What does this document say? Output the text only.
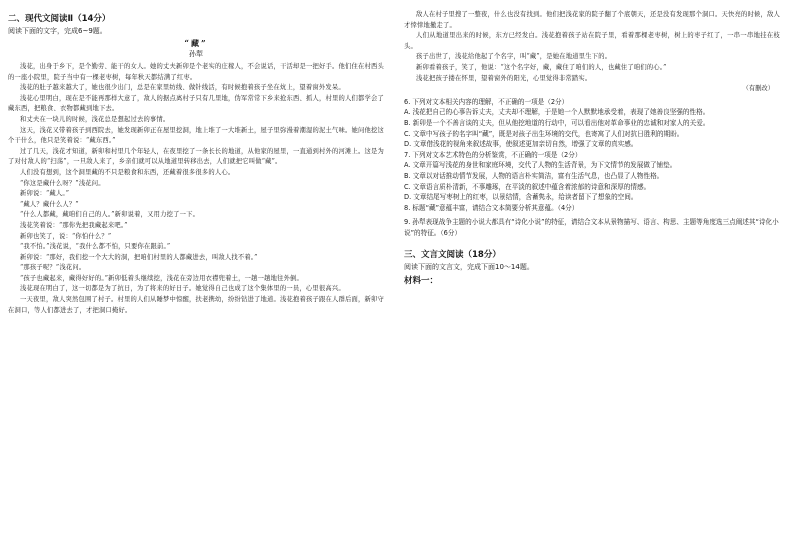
二、现代文阅读Ⅱ（14分）
阅读下面的文字，完成6~9题。
“藏”
孙犁

浅花，出身于乡下，是个勤劳、能干的女人。她的丈夫新卯是个老实的庄稼人，不会说话，干活却是一把好手。他们住在村西头的一座小院里，院子当中有一棵老枣树，每年秋天都结满了红枣。

浅花的肚子越来越大了，她也很少出门，总是在家里纺线、做针线活，有时候抱着孩子坐在炕上，望着窗外发呆。

浅花心里明白，现在是不能再那样大意了，敌人的据点离村子只有几里地，伪军常常下乡来抢东西、抓人，村里的人们都学会了藏东西，把粮食、衣物都藏到地下去。

和丈夫在一块儿的时候，浅花总是想起过去的事情。

这天，浅花又带着孩子到西院去，她发现新卯正在屋里挖洞，地上堆了一大堆新土，屋子里弥漫着潮湿的泥土气味。她问他挖这个干什么，他只是笑着说：“藏东西。”

过了几天，浅花才知道，新卯和村里几个年轻人，在夜里挖了一条长长的地道，从他家的屋里，一直通到村外的河滩上。这是为了对付敌人的“扫荡”，一旦敌人来了，乡亲们就可以从地道里转移出去，人们就把它叫做“藏”。

人们没有想到，这个洞里藏的不只是粮食和东西，还藏着很多很多的人心。

“你这是藏什么呀？”浅花问。

新卯说：“藏人。”

“藏人？藏什么人？”

“什么人都藏，藏咱们自己的人。”新卯说着，又用力挖了一下。

浅花笑着说：“那你先把我藏起来吧。”

新卯也笑了，说：“你怕什么？”

“我不怕。”浅花说，“我什么都不怕，只要你在跟前。”

新卯说：“那好，我们挖一个大大的洞，把咱们村里的人都藏进去，叫敌人找不着。”

“那孩子呢？”浅花问。

“孩子也藏起来，藏得好好的。”新卯低着头继续挖，浅花在旁边用衣襟兜着土，一趟一趟地往外倒。

浅花现在明白了，这一切都是为了抗日，为了将来的好日子。她觉得自己也成了这个集体里的一员，心里很高兴。

一天夜里，敌人突然包围了村子。村里的人们从睡梦中惊醒，扶老携幼，纷纷钻进了地道。浅花抱着孩子跟在人群后面，新卯守在洞口，等人们都进去了，才把洞口掩好。

敌人在村子里搜了一整夜，什么也没有找到。他们把浅花家的院子翻了个底朝天，还是没有发现那个洞口。天快亮的时候，敌人才悻悻地撤走了。

人们从地道里出来的时候，东方已经发白。浅花抱着孩子站在院子里，看着那棵老枣树，树上的枣子红了，一串一串地挂在枝头。

孩子出世了，浅花给他起了个名字，叫“藏”，是她在地道里生下的。

新卯看着孩子，笑了，他说：“这个名字好，藏，藏住了咱们的人，也藏住了咱们的心。”

浅花把孩子搂在怀里，望着窗外的阳光，心里觉得非常踏实。

（有删改）

6. 下列对文本相关内容的理解，不正确的一项是（2分）

A. 浅花把自己的心事告诉丈夫，丈夫却不理解，于是她一个人默默地承受着，表现了她善良坚强的性格。

B. 新卯是一个不善言谈的丈夫，但从他挖地道的行动中，可以看出他对革命事业的忠诚和对家人的关爱。

C. 文章中写孩子的名字叫“藏”，既是对孩子出生环境的交代，也寄寓了人们对抗日胜利的期盼。

D. 文章借浅花的视角来叙述故事，使叙述更加亲切自然，增强了文章的真实感。

7. 下列对文本艺术特色的分析鉴赏，不正确的一项是（2分）

A. 文章开篇写浅花的身世和家庭环境，交代了人物的生活背景，为下文情节的发展做了铺垫。

B. 文章以对话推动情节发展，人物的语言朴实简洁，富有生活气息，也凸显了人物性格。

C. 文章语言质朴清新，不事雕琢，在平淡的叙述中蕴含着浓郁的诗意和深厚的情感。

D. 文章结尾写枣树上的红枣，以景结情，含蓄隽永，给读者留下了想象的空间。

8. 标题“藏”意蕴丰富，请结合文本简要分析其意蕴。（4分）

9. 孙犁表现战争主题的小说大都具有“诗化小说”的特征，请结合文本从景物描写、语言、构思、主题等角度选三点阐述其“诗化小说”的特征。（6分）

三、文言文阅读（18分）
阅读下面的文言文，完成下面10～14题。
材料一：
